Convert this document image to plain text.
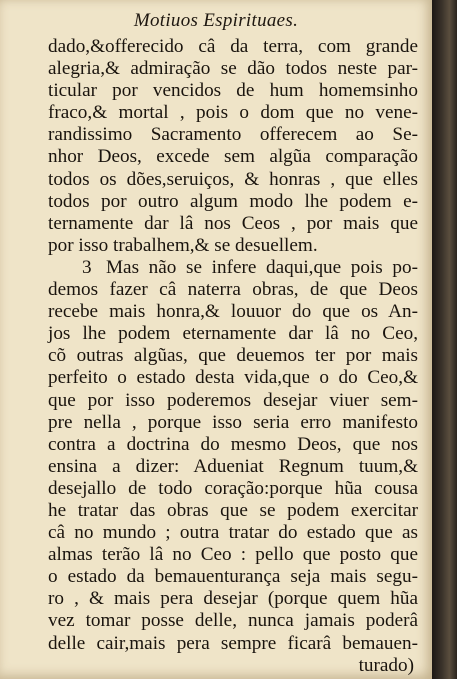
Motiuos Espirituaes.
dado,&offerecido câ da terra, com grande
alegria,& admiração se dão todos neste par-
ticular por vencidos de hum homemsinho
fraco,& mortal , pois o dom que no vene-
randissimo Sacramento offerecem ao Se-
nhor Deos, excede sem algũa comparação
todos os dões,seruiços, & honras , que elles
todos por outro algum modo lhe podem e-
ternamente dar lâ nos Ceos , por mais que
por isso trabalhem,& se desuellem.
3 Mas não se infere daqui,que pois po-
demos fazer câ naterra obras, de que Deos
recebe mais honra,& louuor do que os An-
jos lhe podem eternamente dar lâ no Ceo,
cõ outras algũas, que deuemos ter por mais
perfeito o estado desta vida,que o do Ceo,&
que por isso poderemos desejar viuer sem-
pre nella , porque isso seria erro manifesto
contra a doctrina do mesmo Deos, que nos
ensina a dizer: Aduenіat Regnum tuum,&
desejallo de todo coração:porque hũa cousa
he tratar das obras que se podem exercitar
câ no mundo ; outra tratar do estado que as
almas terão lâ no Ceo : pello que posto que
o estado da bemauenturança seja mais segu-
ro , & mais pera desejar (porque quem hũa
vez tomar posse delle, nunca jamais poderâ
delle cair,mais pera sempre ficarâ bemauen-
turado)
